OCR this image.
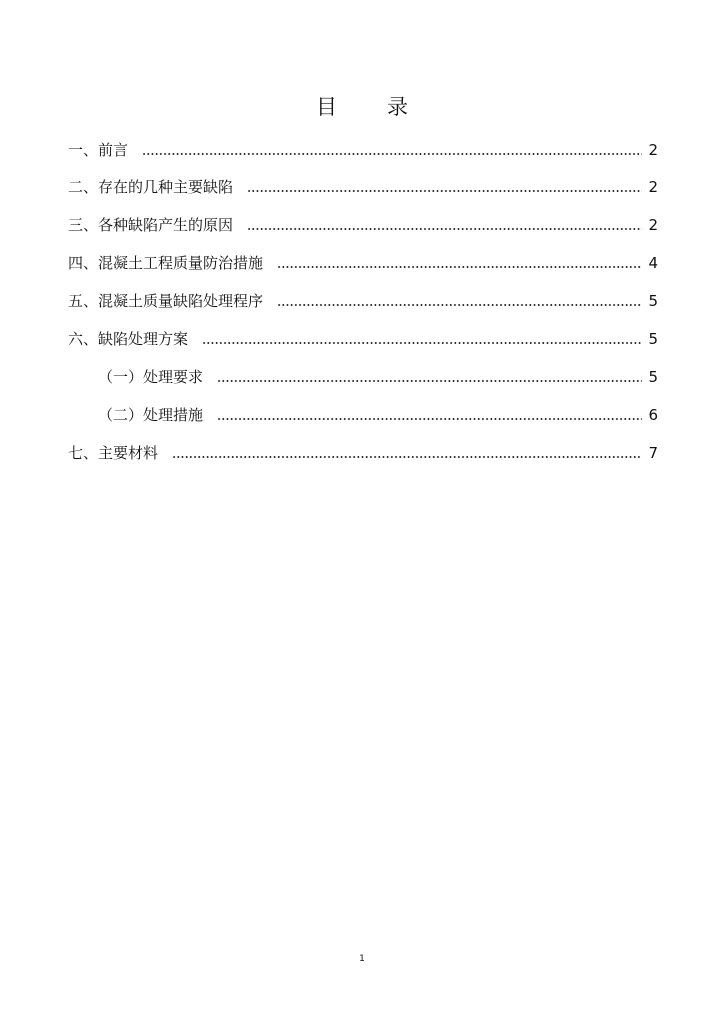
目 录
一、前言	2
二、存在的几种主要缺陷	2
三、各种缺陷产生的原因	2
四、混凝土工程质量防治措施	4
五、混凝土质量缺陷处理程序	5
六、缺陷处理方案	5
（一）处理要求	5
（二）处理措施	6
七、主要材料	7
1
